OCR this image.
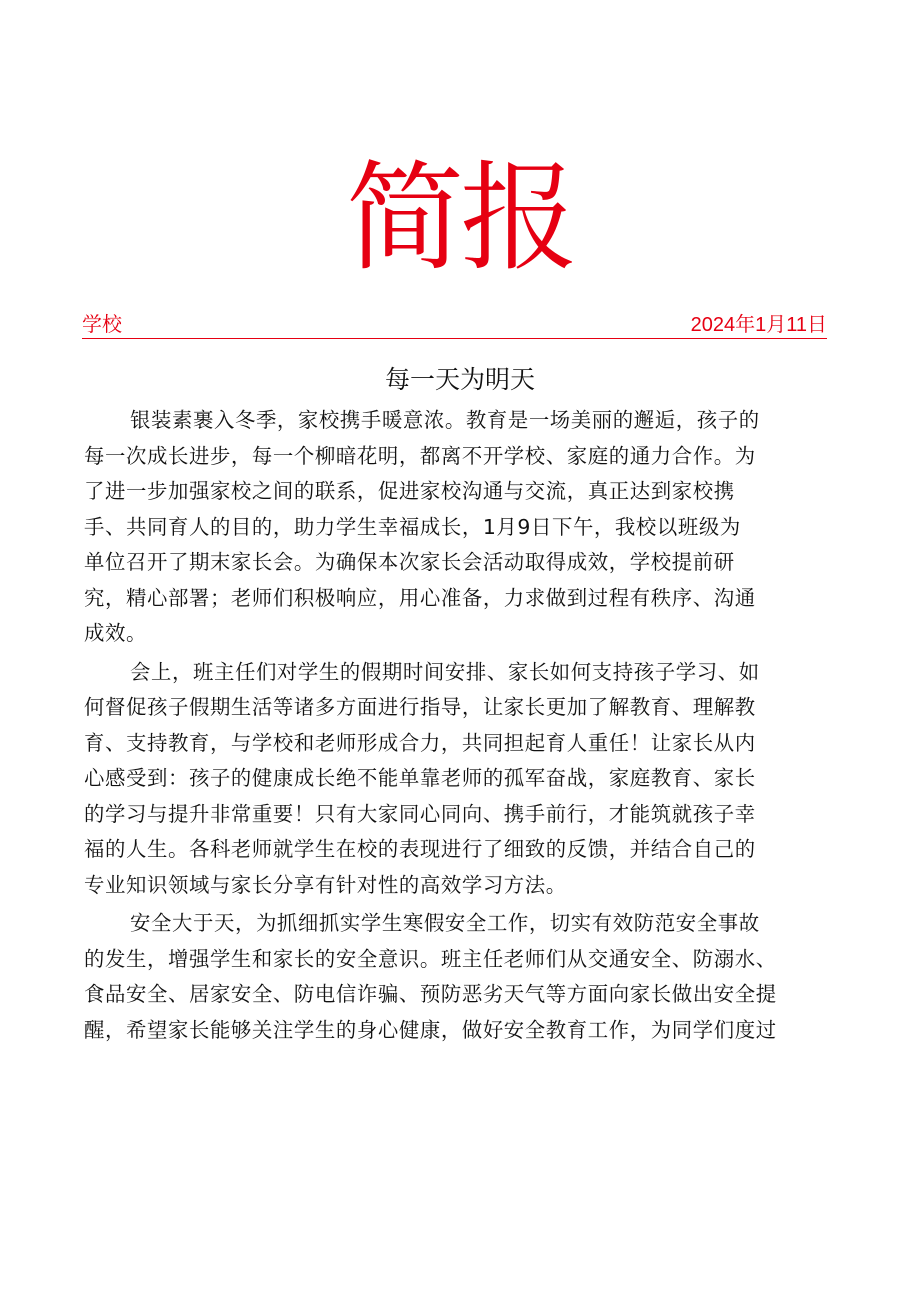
简报
学校	2024年1月11日
每一天为明天
银装素裹入冬季，家校携手暖意浓。教育是一场美丽的邂逅，孩子的
每一次成长进步，每一个柳暗花明，都离不开学校、家庭的通力合作。为
了进一步加强家校之间的联系，促进家校沟通与交流，真正达到家校携
手、共同育人的目的，助力学生幸福成长，1月9日下午，我校以班级为
单位召开了期末家长会。为确保本次家长会活动取得成效，学校提前研
究，精心部署；老师们积极响应，用心准备，力求做到过程有秩序、沟通
成效。
会上，班主任们对学生的假期时间安排、家长如何支持孩子学习、如
何督促孩子假期生活等诸多方面进行指导，让家长更加了解教育、理解教
育、支持教育，与学校和老师形成合力，共同担起育人重任！让家长从内
心感受到：孩子的健康成长绝不能单靠老师的孤军奋战，家庭教育、家长
的学习与提升非常重要！只有大家同心同向、携手前行，才能筑就孩子幸
福的人生。各科老师就学生在校的表现进行了细致的反馈，并结合自己的
专业知识领域与家长分享有针对性的高效学习方法。
安全大于天，为抓细抓实学生寒假安全工作，切实有效防范安全事故
的发生，增强学生和家长的安全意识。班主任老师们从交通安全、防溺水、
食品安全、居家安全、防电信诈骗、预防恶劣天气等方面向家长做出安全提
醒，希望家长能够关注学生的身心健康，做好安全教育工作，为同学们度过
